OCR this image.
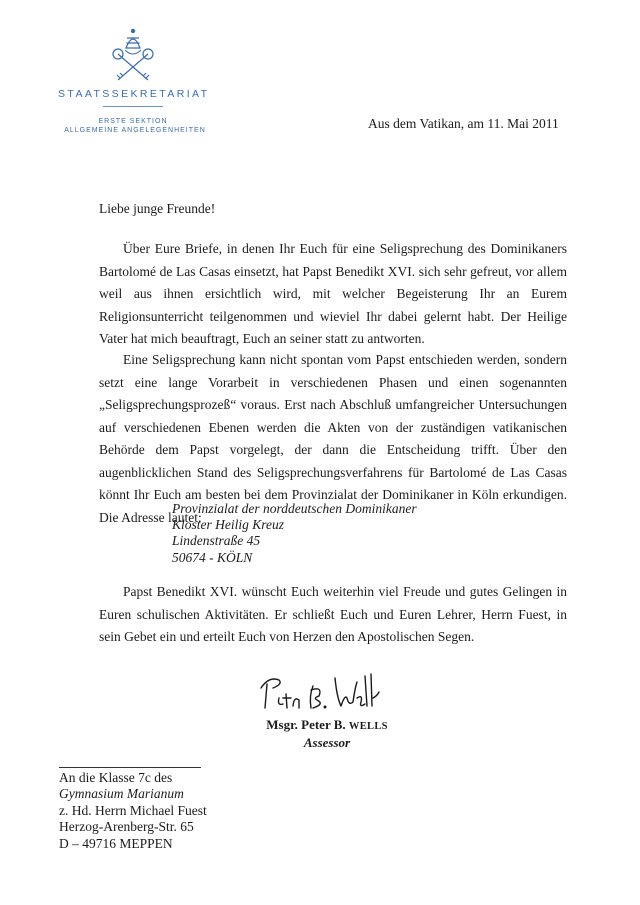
STAATSSEKRETARIAT
ERSTE SEKTION
ALLGEMEINE ANGELEGENHEITEN	Aus dem Vatikan, am 11. Mai 2011
Liebe junge Freunde!

Über Eure Briefe, in denen Ihr Euch für eine Seligsprechung des Dominikaners Bartolomé de Las Casas einsetzt, hat Papst Benedikt XVI. sich sehr gefreut, vor allem weil aus ihnen ersichtlich wird, mit welcher Begeisterung Ihr an Eurem Religionsunterricht teilgenommen und wieviel Ihr dabei gelernt habt. Der Heilige Vater hat mich beauftragt, Euch an seiner statt zu antworten.

Eine Seligsprechung kann nicht spontan vom Papst entschieden werden, sondern setzt eine lange Vorarbeit in verschiedenen Phasen und einen sogenannten „Seligsprechungsprozeß“ voraus. Erst nach Abschluß umfangreicher Untersuchungen auf verschiedenen Ebenen werden die Akten von der zuständigen vatikanischen Behörde dem Papst vorgelegt, der dann die Entscheidung trifft. Über den augenblicklichen Stand des Seligsprechungsverfahrens für Bartolomé de Las Casas könnt Ihr Euch am besten bei dem Provinzialat der Dominikaner in Köln erkundigen. Die Adresse lautet:

Provinzialat der norddeutschen Dominikaner
Kloster Heilig Kreuz
Lindenstraße 45
50674 - KÖLN

Papst Benedikt XVI. wünscht Euch weiterhin viel Freude und gutes Gelingen in Euren schulischen Aktivitäten. Er schließt Euch und Euren Lehrer, Herrn Fuest, in sein Gebet ein und erteilt Euch von Herzen den Apostolischen Segen.

Msgr. Peter B. WELLS
Assessor
An die Klasse 7c des
Gymnasium Marianum
z. Hd. Herrn Michael Fuest
Herzog-Arenberg-Str. 65
D – 49716 MEPPEN
